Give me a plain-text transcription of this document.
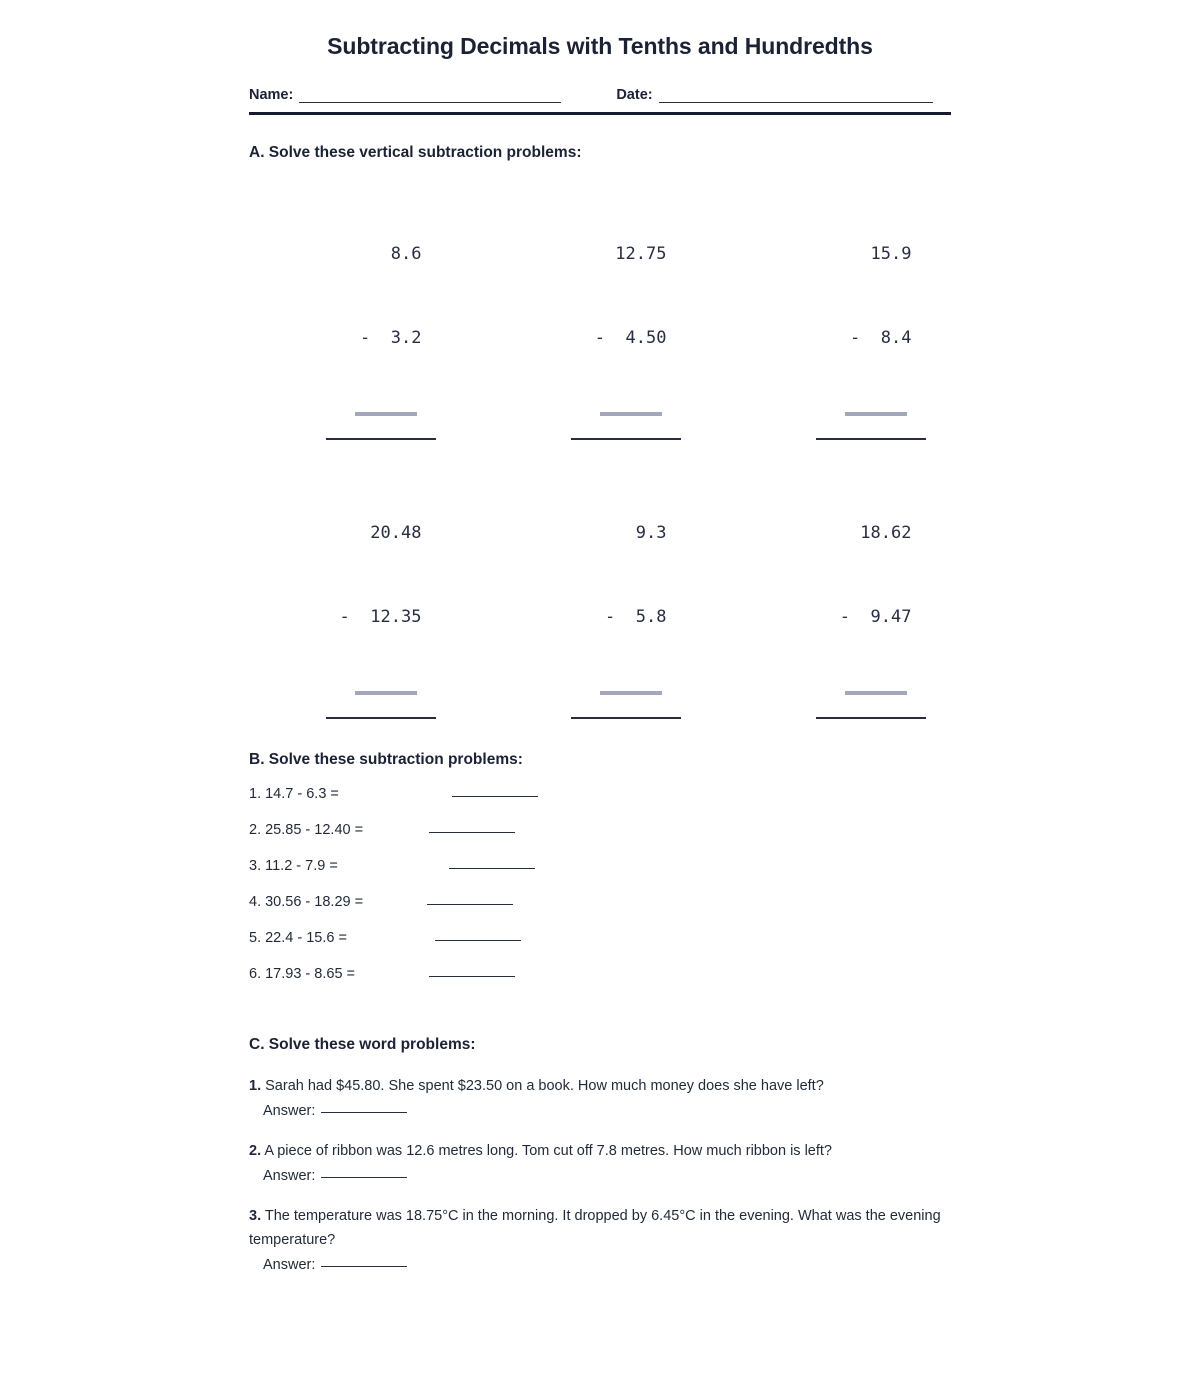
Subtracting Decimals with Tenths and Hundredths
Name:	Date:
A. Solve these vertical subtraction problems:

8.6

- 3.2

12.75

- 4.50

15.9

- 8.4

20.48

- 12.35

9.3

- 5.8

18.62

- 9.47

B. Solve these subtraction problems:
1. 14.7 - 6.3 =
2. 25.85 - 12.40 =
3. 11.2 - 7.9 =
4. 30.56 - 18.29 =
5. 22.4 - 15.6 =
6. 17.93 - 8.65 =
C. Solve these word problems:
1. Sarah had $45.80. She spent $23.50 on a book. How much money does she have left?
Answer:
2. A piece of ribbon was 12.6 metres long. Tom cut off 7.8 metres. How much ribbon is left?
Answer:
3. The temperature was 18.75°C in the morning. It dropped by 6.45°C in the evening. What was the evening temperature?
Answer:
